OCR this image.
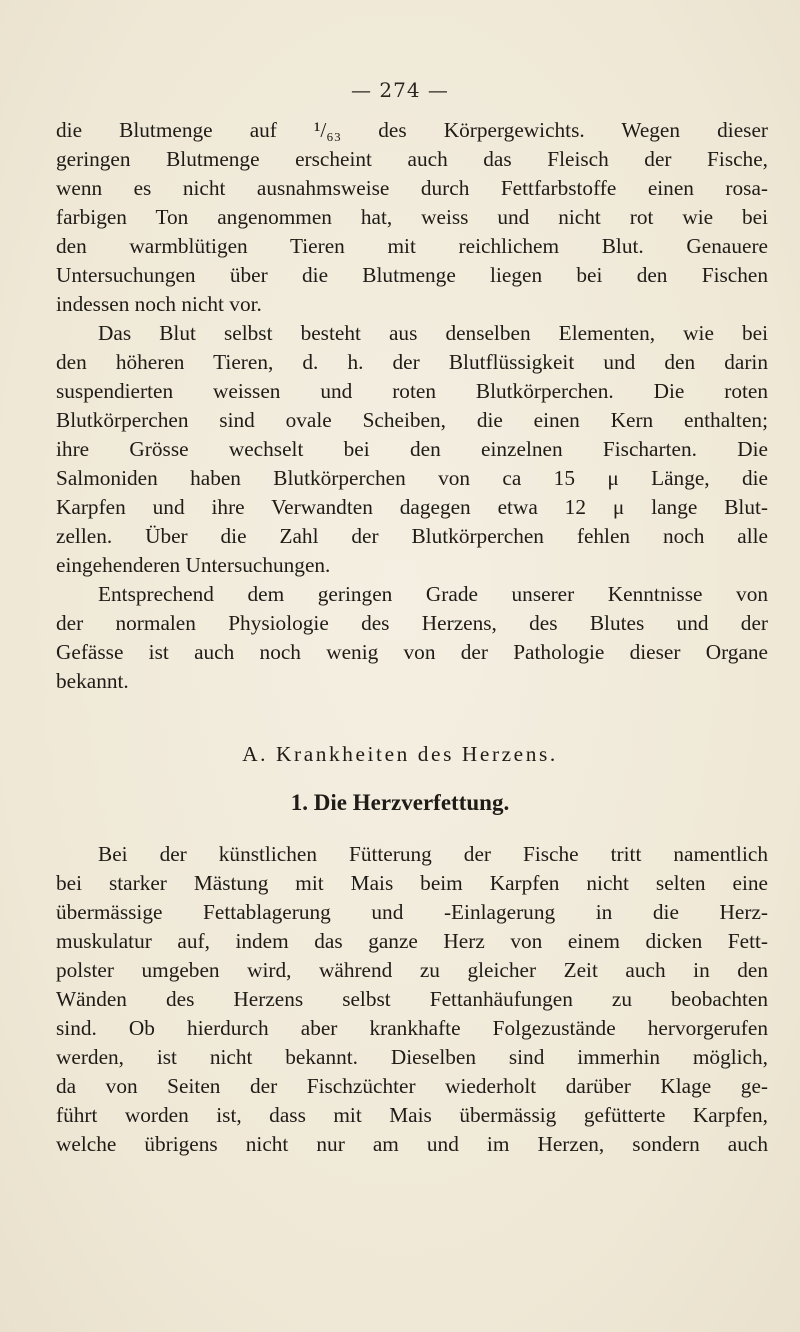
— 274 —
die Blutmenge auf ¹/₆₃ des Körpergewichts. Wegen dieser
geringen Blutmenge erscheint auch das Fleisch der Fische,
wenn es nicht ausnahmsweise durch Fettfarbstoffe einen rosa-
farbigen Ton angenommen hat, weiss und nicht rot wie bei
den warmblütigen Tieren mit reichlichem Blut. Genauere
Untersuchungen über die Blutmenge liegen bei den Fischen
indessen noch nicht vor.
Das Blut selbst besteht aus denselben Elementen, wie bei
den höheren Tieren, d. h. der Blutflüssigkeit und den darin
suspendierten weissen und roten Blutkörperchen. Die roten
Blutkörperchen sind ovale Scheiben, die einen Kern enthalten;
ihre Grösse wechselt bei den einzelnen Fischarten. Die
Salmoniden haben Blutkörperchen von ca 15 μ Länge, die
Karpfen und ihre Verwandten dagegen etwa 12 μ lange Blut-
zellen. Über die Zahl der Blutkörperchen fehlen noch alle
eingehenderen Untersuchungen.
Entsprechend dem geringen Grade unserer Kenntnisse von
der normalen Physiologie des Herzens, des Blutes und der
Gefässe ist auch noch wenig von der Pathologie dieser Organe
bekannt.
A. Krankheiten des Herzens.
1. Die Herzverfettung.
Bei der künstlichen Fütterung der Fische tritt namentlich
bei starker Mästung mit Mais beim Karpfen nicht selten eine
übermässige Fettablagerung und -Einlagerung in die Herz-
muskulatur auf, indem das ganze Herz von einem dicken Fett-
polster umgeben wird, während zu gleicher Zeit auch in den
Wänden des Herzens selbst Fettanhäufungen zu beobachten
sind. Ob hierdurch aber krankhafte Folgezustände hervorgerufen
werden, ist nicht bekannt. Dieselben sind immerhin möglich,
da von Seiten der Fischzüchter wiederholt darüber Klage ge-
führt worden ist, dass mit Mais übermässig gefütterte Karpfen,
welche übrigens nicht nur am und im Herzen, sondern auch
